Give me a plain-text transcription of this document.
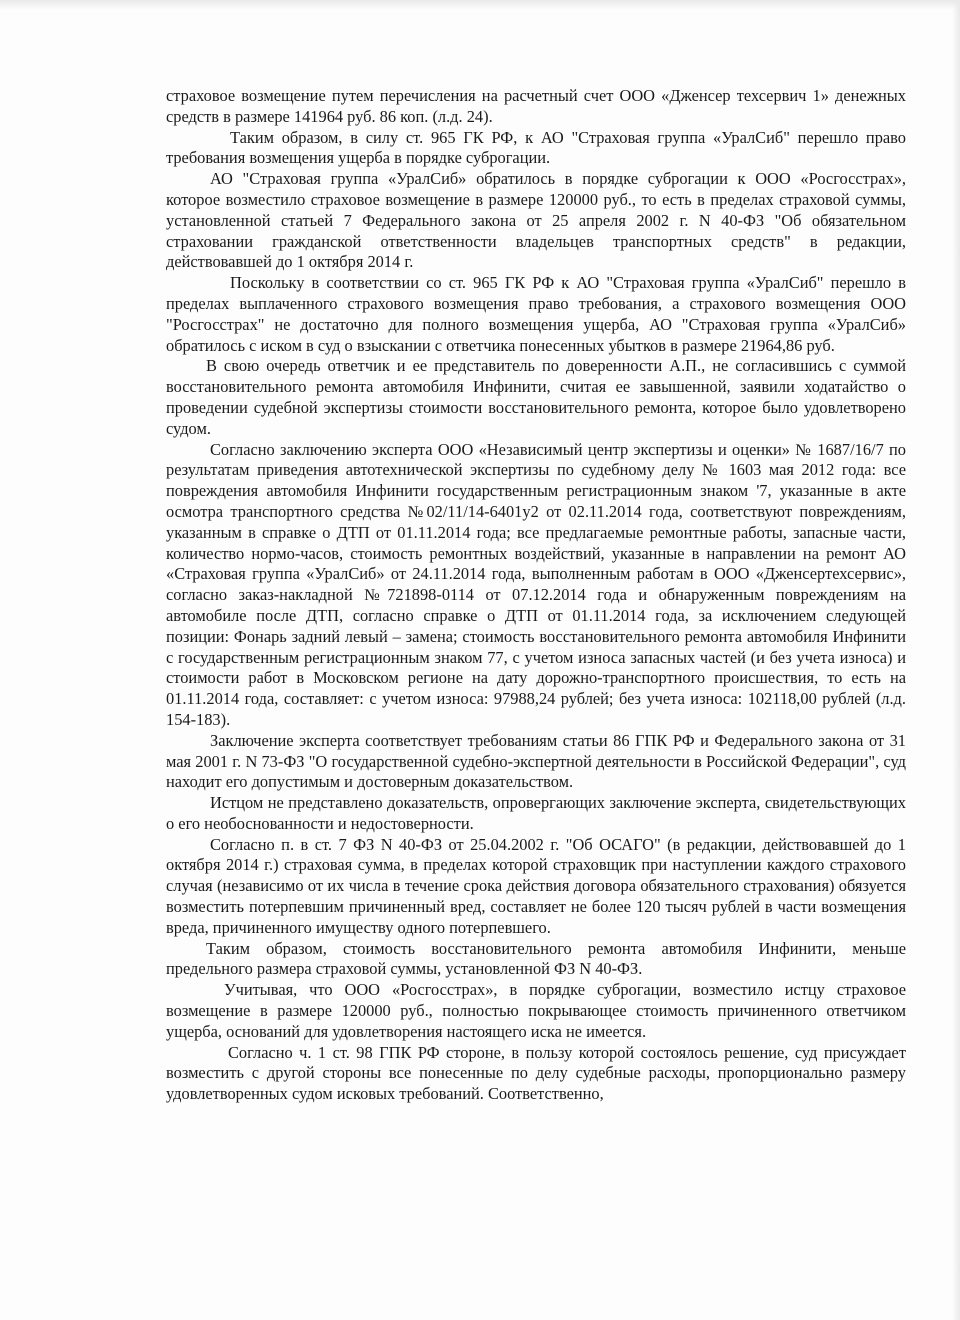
страховое возмещение путем перечисления на расчетный счет ООО «Дженсер техсервич 1» денежных средств в размере 141964 руб. 86 коп. (л.д. 24).

Таким образом, в силу ст. 965 ГК РФ, к АО "Страховая группа «УралСиб" перешло право требования возмещения ущерба в порядке суброгации.

АО "Страховая группа «УралСиб» обратилось в порядке суброгации к ООО «Росгосстрах», которое возместило страховое возмещение в размере 120000 руб., то есть в пределах страховой суммы, установленной статьей 7 Федерального закона от 25 апреля 2002 г. N 40-ФЗ "Об обязательном страховании гражданской ответственности владельцев транспортных средств" в редакции, действовавшей до 1 октября 2014 г.

Поскольку в соответствии со ст. 965 ГК РФ к АО "Страховая группа «УралСиб" перешло в пределах выплаченного страхового возмещения право требования, а страхового возмещения ООО "Росгосстрах" не достаточно для полного возмещения ущерба, АО "Страховая группа «УралСиб» обратилось с иском в суд о взыскании с ответчика понесенных убытков в размере 21964,86 руб.

В свою очередь ответчик и ее представитель по доверенности А.П., не согласившись с суммой восстановительного ремонта автомобиля Инфинити, считая ее завышенной, заявили ходатайство о проведении судебной экспертизы стоимости восстановительного ремонта, которое было удовлетворено судом.

Согласно заключению эксперта ООО «Независимый центр экспертизы и оценки» № 1687/16/7 по результатам приведения автотехнической экспертизы по судебному делу № 1603 мая 2012 года: все повреждения автомобиля Инфинити государственным регистрационным знаком '7, указанные в акте осмотра транспортного средства №02/11/14-6401у2 от 02.11.2014 года, соответствуют повреждениям, указанным в справке о ДТП от 01.11.2014 года; все предлагаемые ремонтные работы, запасные части, количество нормо-часов, стоимость ремонтных воздействий, указанные в направлении на ремонт АО «Страховая группа «УралСиб» от 24.11.2014 года, выполненным работам в ООО «Дженсертехсервис», согласно заказ-накладной №721898-0114 от 07.12.2014 года и обнаруженным повреждениям на автомобиле после ДТП, согласно справке о ДТП от 01.11.2014 года, за исключением следующей позиции: Фонарь задний левый – замена; стоимость восстановительного ремонта автомобиля Инфинити с государственным регистрационным знаком 77, с учетом износа запасных частей (и без учета износа) и стоимости работ в Московском регионе на дату дорожно-транспортного происшествия, то есть на 01.11.2014 года, составляет: с учетом износа: 97988,24 рублей; без учета износа: 102118,00 рублей (л.д. 154-183).

Заключение эксперта соответствует требованиям статьи 86 ГПК РФ и Федерального закона от 31 мая 2001 г. N 73-ФЗ "О государственной судебно-экспертной деятельности в Российской Федерации", суд находит его допустимым и достоверным доказательством.

Истцом не представлено доказательств, опровергающих заключение эксперта, свидетельствующих о его необоснованности и недостоверности.

Согласно п. в ст. 7 ФЗ N 40-ФЗ от 25.04.2002 г. "Об ОСАГО" (в редакции, действовавшей до 1 октября 2014 г.) страховая сумма, в пределах которой страховщик при наступлении каждого страхового случая (независимо от их числа в течение срока действия договора обязательного страхования) обязуется возместить потерпевшим причиненный вред, составляет не более 120 тысяч рублей в части возмещения вреда, причиненного имуществу одного потерпевшего.

Таким образом, стоимость восстановительного ремонта автомобиля Инфинити, меньше предельного размера страховой суммы, установленной ФЗ N 40-ФЗ.

Учитывая, что ООО «Росгосстрах», в порядке суброгации, возместило истцу страховое возмещение в размере 120000 руб., полностью покрывающее стоимость причиненного ответчиком ущерба, оснований для удовлетворения настоящего иска не имеется.

Согласно ч. 1 ст. 98 ГПК РФ стороне, в пользу которой состоялось решение, суд присуждает возместить с другой стороны все понесенные по делу судебные расходы, пропорционально размеру удовлетворенных судом исковых требований. Соответственно,
